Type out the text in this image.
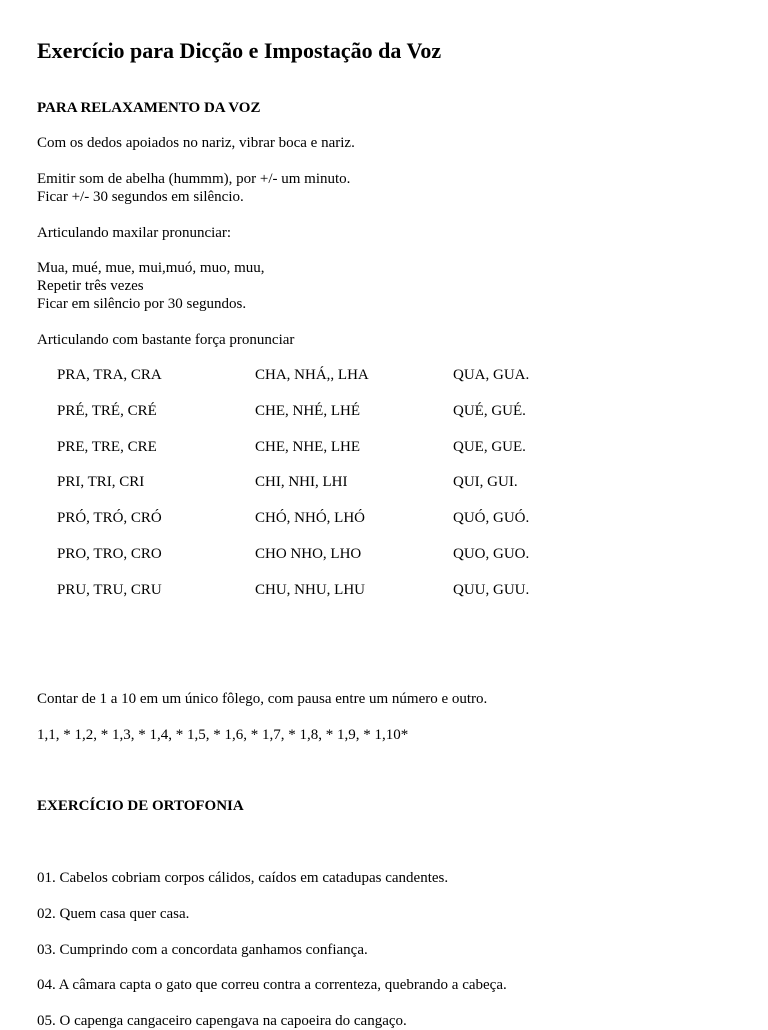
Exercício para Dicção e Impostação da Voz
PARA RELAXAMENTO DA VOZ
Com os dedos apoiados no nariz, vibrar boca e nariz.
Emitir som de abelha (hummm), por +/- um minuto.
Ficar +/- 30 segundos em silêncio.
Articulando maxilar pronunciar:
Mua, mué, mue, mui,muó, muo, muu,
Repetir três vezes
Ficar em silêncio por 30 segundos.
Articulando com bastante força pronunciar
PRA, TRA, CRA	CHA, NHÁ,, LHA	QUA, GUA.
PRÉ, TRÉ, CRÉ	CHE, NHÉ, LHÉ	QUÉ, GUÉ.
PRE, TRE, CRE	CHE, NHE, LHE	QUE, GUE.
PRI, TRI, CRI	CHI, NHI, LHI	QUI, GUI.
PRÓ, TRÓ, CRÓ	CHÓ, NHÓ, LHÓ	QUÓ, GUÓ.
PRO, TRO, CRO	CHO NHO, LHO	QUO, GUO.
PRU, TRU, CRU	CHU, NHU, LHU	QUU, GUU.
Contar de 1 a 10 em um único fôlego, com pausa entre um número e outro.
1,1, * 1,2, * 1,3, * 1,4, * 1,5, * 1,6, * 1,7, * 1,8, * 1,9, * 1,10*
EXERCÍCIO DE ORTOFONIA
01. Cabelos cobriam corpos cálidos, caídos em catadupas candentes.
02. Quem casa quer casa.
03. Cumprindo com a concordata ganhamos confiança.
04. A câmara capta o gato que correu contra a correnteza, quebrando a cabeça.
05. O capenga cangaceiro capengava na capoeira do cangaço.
